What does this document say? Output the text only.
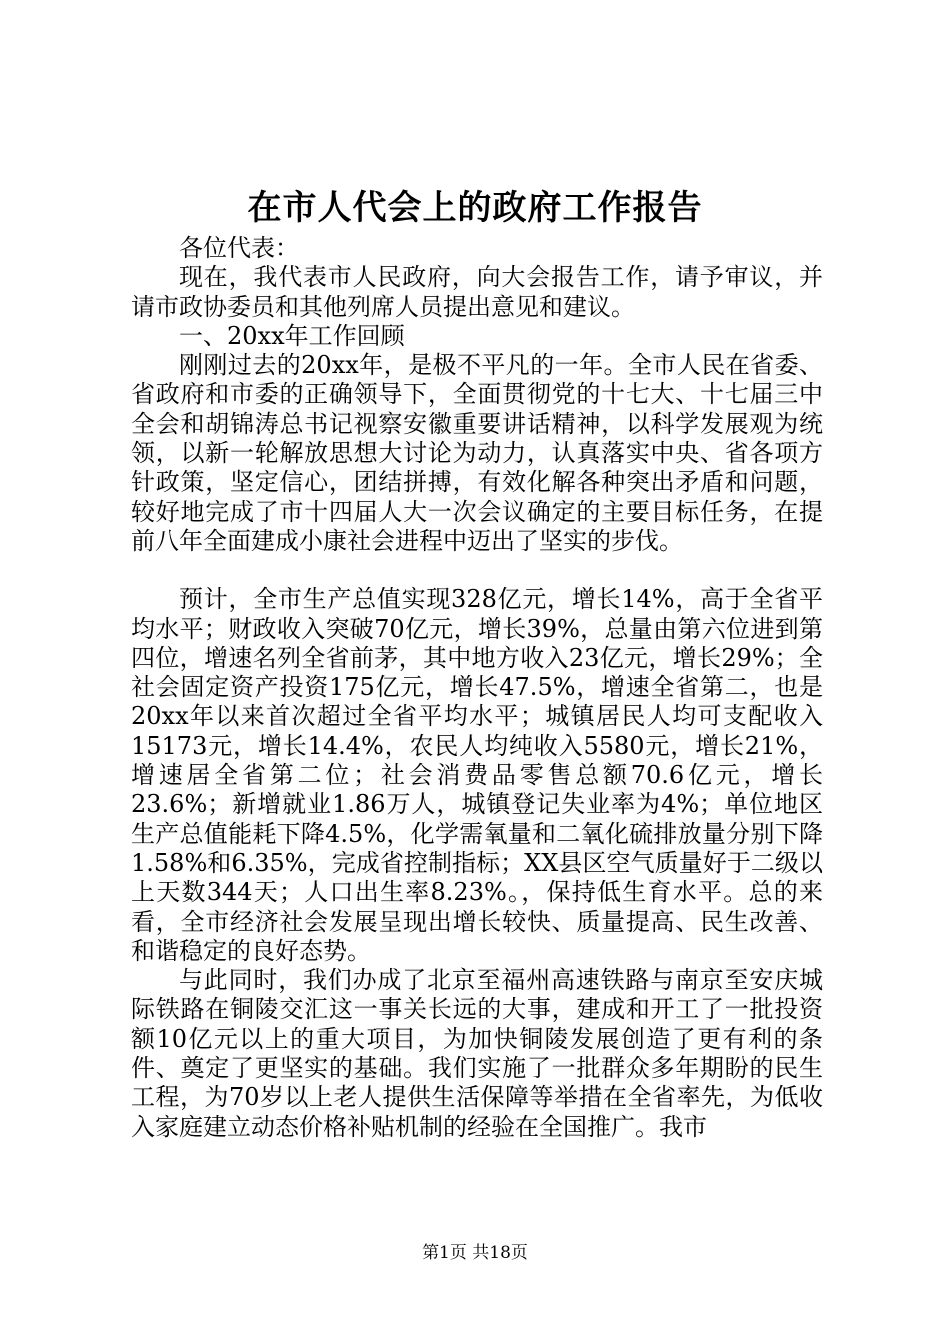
在市人代会上的政府工作报告

各位代表：

现在，我代表市人民政府，向大会报告工作，请予审议，并请市政协委员和其他列席人员提出意见和建议。

一、20xx年工作回顾

刚刚过去的20xx年，是极不平凡的一年。全市人民在省委、省政府和市委的正确领导下，全面贯彻党的十七大、十七届三中全会和胡锦涛总书记视察安徽重要讲话精神，以科学发展观为统领，以新一轮解放思想大讨论为动力，认真落实中央、省各项方针政策，坚定信心，团结拼搏，有效化解各种突出矛盾和问题，较好地完成了市十四届人大一次会议确定的主要目标任务，在提前八年全面建成小康社会进程中迈出了坚实的步伐。

预计，全市生产总值实现328亿元，增长14%，高于全省平均水平；财政收入突破70亿元，增长39%，总量由第六位进到第四位，增速名列全省前茅，其中地方收入23亿元，增长29%；全社会固定资产投资175亿元，增长47.5%，增速全省第二，也是20xx年以来首次超过全省平均水平；城镇居民人均可支配收入15173元，增长14.4%，农民人均纯收入5580元，增长21%，增速居全省第二位；社会消费品零售总额70.6亿元，增长23.6%；新增就业1.86万人，城镇登记失业率为4%；单位地区生产总值能耗下降4.5%，化学需氧量和二氧化硫排放量分别下降1.58%和6.35%，完成省控制指标；XX县区空气质量好于二级以上天数344天；人口出生率8.23%。，保持低生育水平。总的来看，全市经济社会发展呈现出增长较快、质量提高、民生改善、和谐稳定的良好态势。

与此同时，我们办成了北京至福州高速铁路与南京至安庆城际铁路在铜陵交汇这一事关长远的大事，建成和开工了一批投资额10亿元以上的重大项目，为加快铜陵发展创造了更有利的条件、奠定了更坚实的基础。我们实施了一批群众多年期盼的民生工程，为70岁以上老人提供生活保障等举措在全省率先，为低收入家庭建立动态价格补贴机制的经验在全国推广。我市

第1页 共18页
